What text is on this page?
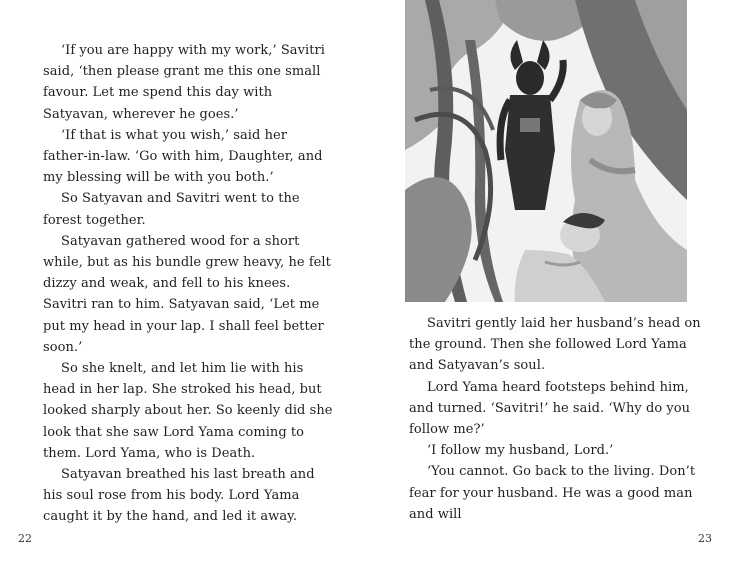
‘If you are happy with my work,’ Savitri said, ‘then please grant me this one small favour. Let me spend this day with Satyavan, wherever he goes.’

‘If that is what you wish,’ said her father-in-law. ‘Go with him, Daughter, and my blessing will be with you both.’

So Satyavan and Savitri went to the forest together.

Satyavan gathered wood for a short while, but as his bundle grew heavy, he felt dizzy and weak, and fell to his knees. Savitri ran to him. Satyavan said, ‘Let me put my head in your lap. I shall feel better soon.’

So she knelt, and let him lie with his head in her lap. She stroked his head, but looked sharply about her. So keenly did she look that she saw Lord Yama coming to them. Lord Yama, who is Death.

Satyavan breathed his last breath and his soul rose from his body. Lord Yama caught it by the hand, and led it away.

22

Savitri gently laid her husband’s head on the ground. Then she followed Lord Yama and Satyavan’s soul.

Lord Yama heard footsteps behind him, and turned. ‘Savitri!’ he said. ‘Why do you follow me?’

‘I follow my husband, Lord.’

‘You cannot. Go back to the living. Don’t fear for your husband. He was a good man and will

23
